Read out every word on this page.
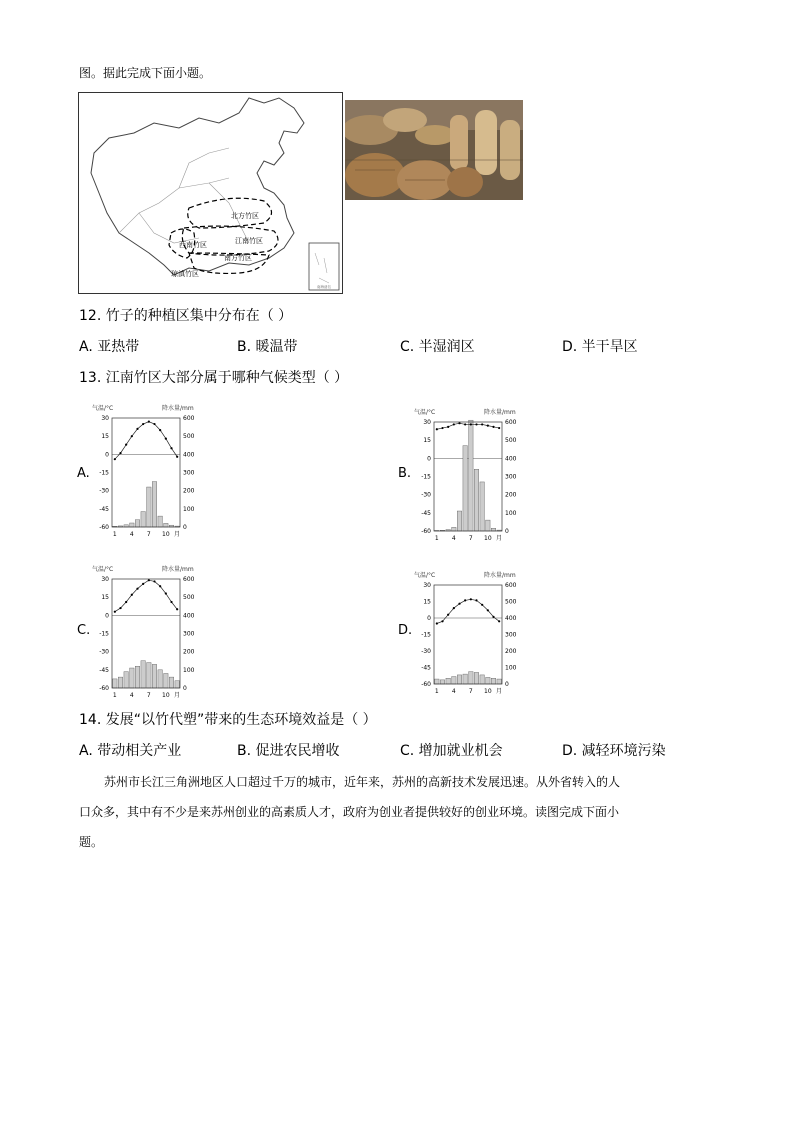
图。据此完成下面小题。
北方竹区
江南竹区
西南竹区
南方竹区
琼滇竹区
南海诸岛
12. 竹子的种植区集中分布在（ ）
A. 亚热带	B. 暖温带	C. 半湿润区	D. 半干旱区
13. 江南竹区大部分属于哪种气候类型（ ）
A.	B.
C.	D.
气温/°C	降水量/mm
30
15
0
-15
-30
-45
-60
600
500
400
300
200
100
0
1 4 7 10 月
气温/°C	降水量/mm
30
15
0
-15
-30
-45
-60
600
500
400
300
200
100
0
1 4 7 10 月
气温/°C	降水量/mm
30
15
0
-15
-30
-45
-60
600
500
400
300
200
100
0
1 4 7 10 月
气温/°C	降水量/mm
30
15
0
-15
-30
-45
-60
600
500
400
300
200
100
0
1 4 7 10 月
14. 发展“以竹代塑”带来的生态环境效益是（ ）
A. 带动相关产业	B. 促进农民增收	C. 增加就业机会	D. 减轻环境污染
苏州市长江三角洲地区人口超过千万的城市，近年来，苏州的高新技术发展迅速。从外省转入的人
口众多，其中有不少是来苏州创业的高素质人才，政府为创业者提供较好的创业环境。读图完成下面小
题。
